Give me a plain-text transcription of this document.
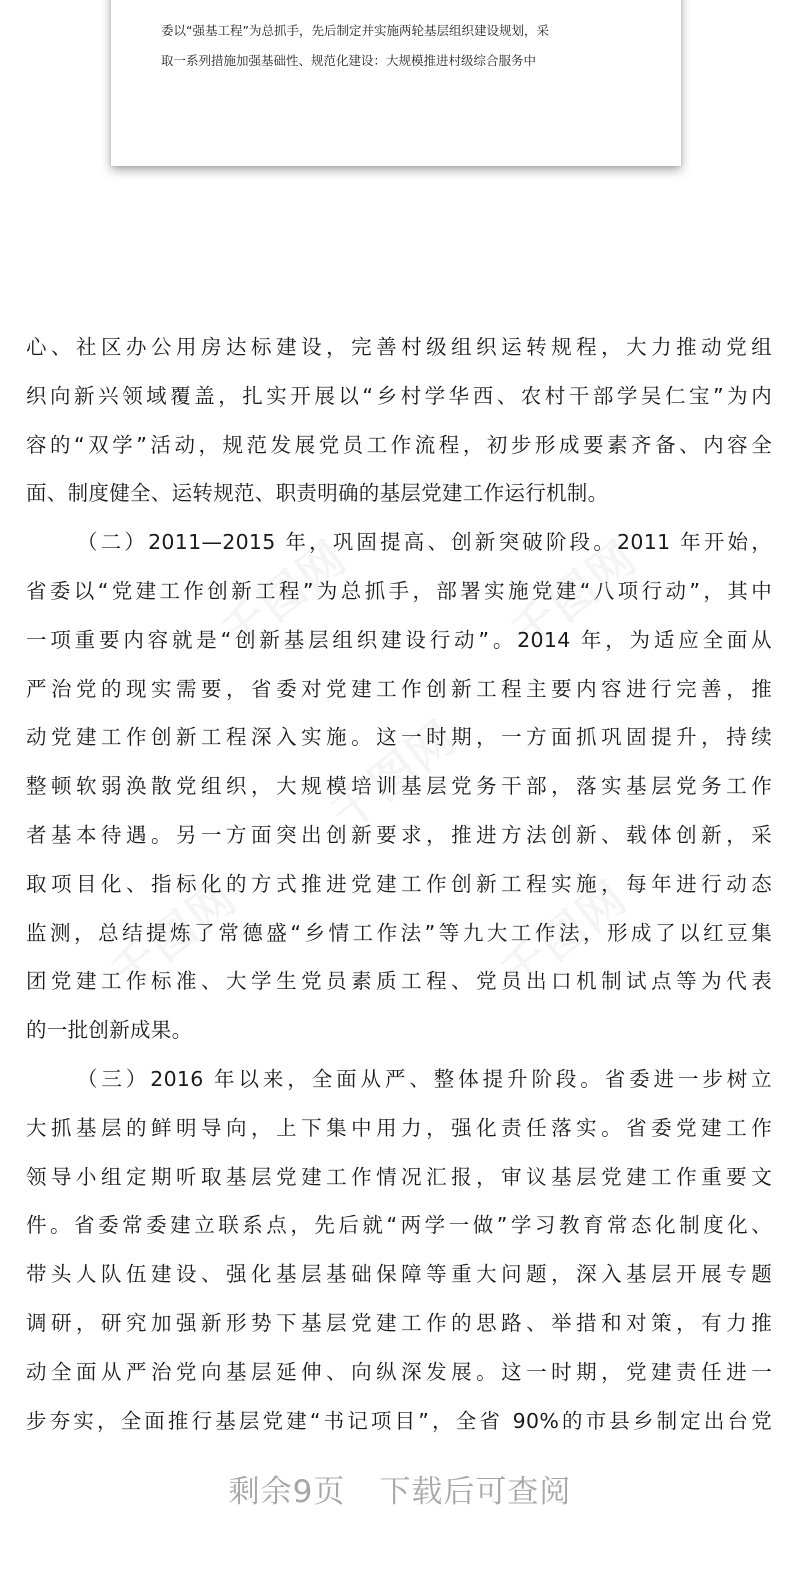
委以“强基工程”为总抓手，先后制定并实施两轮基层组织建设规划，采
取一系列措施加强基础性、规范化建设：大规模推进村级综合服务中
心、社区办公用房达标建设，完善村级组织运转规程，大力推动党组
织向新兴领域覆盖，扎实开展以“乡村学华西、农村干部学吴仁宝”为内
容的“双学”活动，规范发展党员工作流程，初步形成要素齐备、内容全
面、制度健全、运转规范、职责明确的基层党建工作运行机制。
（二）2011—2015 年，巩固提高、创新突破阶段。2011 年开始，
省委以“党建工作创新工程”为总抓手，部署实施党建“八项行动”，其中
一项重要内容就是“创新基层组织建设行动”。2014 年，为适应全面从
严治党的现实需要，省委对党建工作创新工程主要内容进行完善，推
动党建工作创新工程深入实施。这一时期，一方面抓巩固提升，持续
整顿软弱涣散党组织，大规模培训基层党务干部，落实基层党务工作
者基本待遇。另一方面突出创新要求，推进方法创新、载体创新，采
取项目化、指标化的方式推进党建工作创新工程实施，每年进行动态
监测，总结提炼了常德盛“乡情工作法”等九大工作法，形成了以红豆集
团党建工作标准、大学生党员素质工程、党员出口机制试点等为代表
的一批创新成果。
（三）2016 年以来，全面从严、整体提升阶段。省委进一步树立
大抓基层的鲜明导向，上下集中用力，强化责任落实。省委党建工作
领导小组定期听取基层党建工作情况汇报，审议基层党建工作重要文
件。省委常委建立联系点，先后就“两学一做”学习教育常态化制度化、
带头人队伍建设、强化基层基础保障等重大问题，深入基层开展专题
调研，研究加强新形势下基层党建工作的思路、举措和对策，有力推
动全面从严治党向基层延伸、向纵深发展。这一时期，党建责任进一
步夯实，全面推行基层党建“书记项目”，全省 90%的市县乡制定出台党
剩余9页 下载后可查阅
